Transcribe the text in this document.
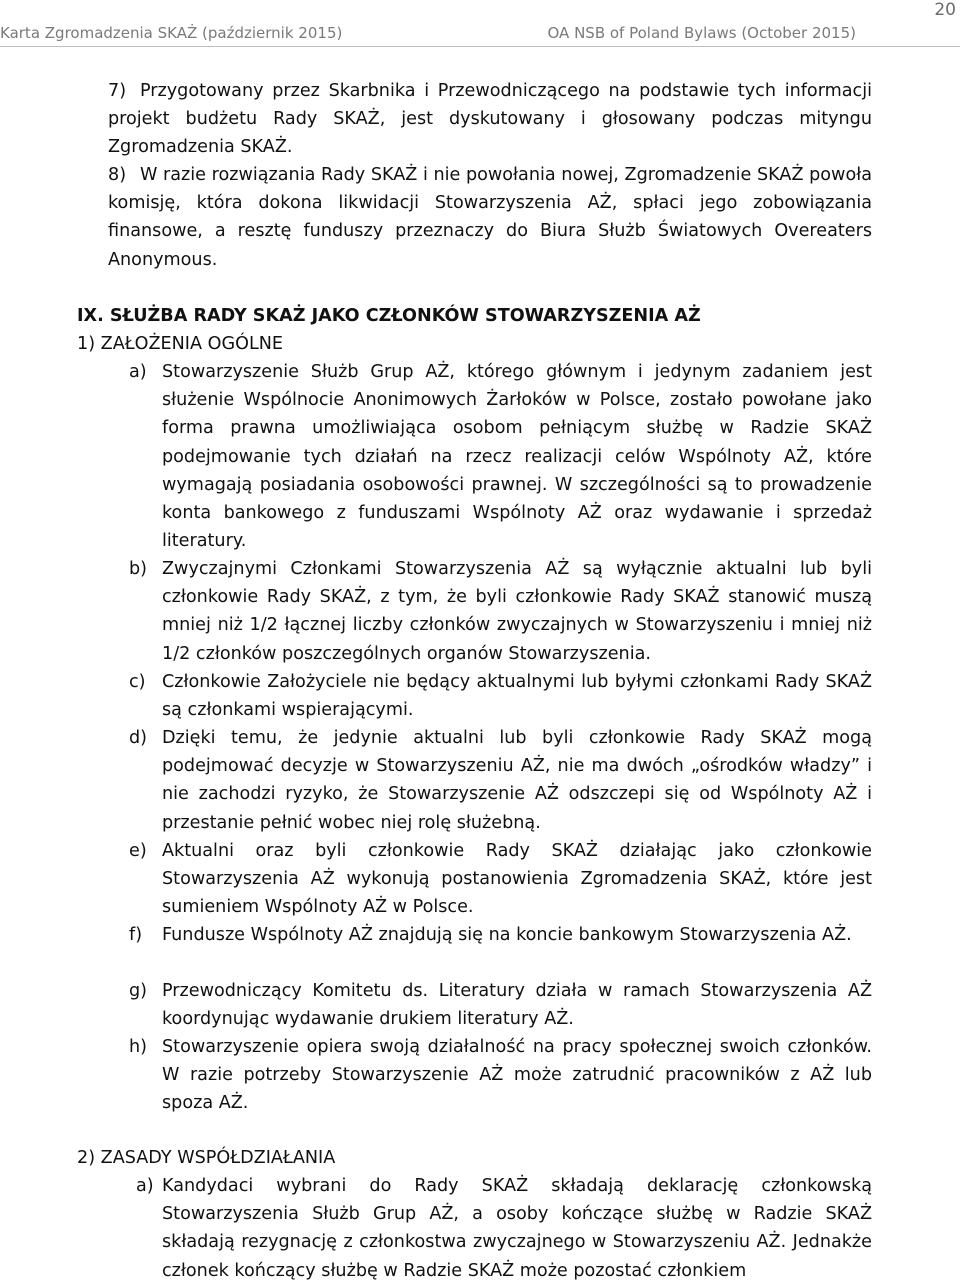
20
Karta Zgromadzenia SKAŻ (październik 2015)	OA NSB of Poland Bylaws (October 2015)
Przygotowany przez Skarbnika i Przewodniczącego na podstawie tych informacji projekt budżetu Rady SKAŻ, jest dyskutowany i głosowany podczas mityngu Zgromadzenia SKAŻ.
7)
W razie rozwiązania Rady SKAŻ i nie powołania nowej, Zgromadzenie SKAŻ powoła komisję, która dokona likwidacji Stowarzyszenia AŻ, spłaci jego zobowiązania finansowe, a resztę funduszy przeznaczy do Biura Służb Światowych Overeaters Anonymous.
8)
IX. SŁUŻBA RADY SKAŻ JAKO CZŁONKÓW STOWARZYSZENIA AŻ
1) ZAŁOŻENIA OGÓLNE
a) Stowarzyszenie Służb Grup AŻ, którego głównym i jedynym zadaniem jest służenie Wspólnocie Anonimowych Żarłoków w Polsce, zostało powołane jako forma prawna umożliwiająca osobom pełniącym służbę w Radzie SKAŻ podejmowanie tych działań na rzecz realizacji celów Wspólnoty AŻ, które wymagają posiadania osobowości prawnej. W szczególności są to prowadzenie konta bankowego z funduszami Wspólnoty AŻ oraz wydawanie i sprzedaż literatury.
b) Zwyczajnymi Członkami Stowarzyszenia AŻ są wyłącznie aktualni lub byli członkowie Rady SKAŻ, z tym, że byli członkowie Rady SKAŻ stanowić muszą mniej niż 1/2 łącznej liczby członków zwyczajnych w Stowarzyszeniu i mniej niż 1/2 członków poszczególnych organów Stowarzyszenia.
c) Członkowie Założyciele nie będący aktualnymi lub byłymi członkami Rady SKAŻ są członkami wspierającymi.
d) Dzięki temu, że jedynie aktualni lub byli członkowie Rady SKAŻ mogą podejmować decyzje w Stowarzyszeniu AŻ, nie ma dwóch „ośrodków władzy” i nie zachodzi ryzyko, że Stowarzyszenie AŻ odszczepi się od Wspólnoty AŻ i przestanie pełnić wobec niej rolę służebną.
e) Aktualni oraz byli członkowie Rady SKAŻ działając jako członkowie Stowarzyszenia AŻ wykonują postanowienia Zgromadzenia SKAŻ, które jest sumieniem Wspólnoty AŻ w Polsce.
f) Fundusze Wspólnoty AŻ znajdują się na koncie bankowym Stowarzyszenia AŻ.
g) Przewodniczący Komitetu ds. Literatury działa w ramach Stowarzyszenia AŻ koordynując wydawanie drukiem literatury AŻ.
h) Stowarzyszenie opiera swoją działalność na pracy społecznej swoich członków. W razie potrzeby Stowarzyszenie AŻ może zatrudnić pracowników z AŻ lub spoza AŻ.
2) ZASADY WSPÓŁDZIAŁANIA
a) Kandydaci wybrani do Rady SKAŻ składają deklarację członkowską Stowarzyszenia Służb Grup AŻ, a osoby kończące służbę w Radzie SKAŻ składają rezygnację z członkostwa zwyczajnego w Stowarzyszeniu AŻ. Jednakże członek kończący służbę w Radzie SKAŻ może pozostać członkiem
